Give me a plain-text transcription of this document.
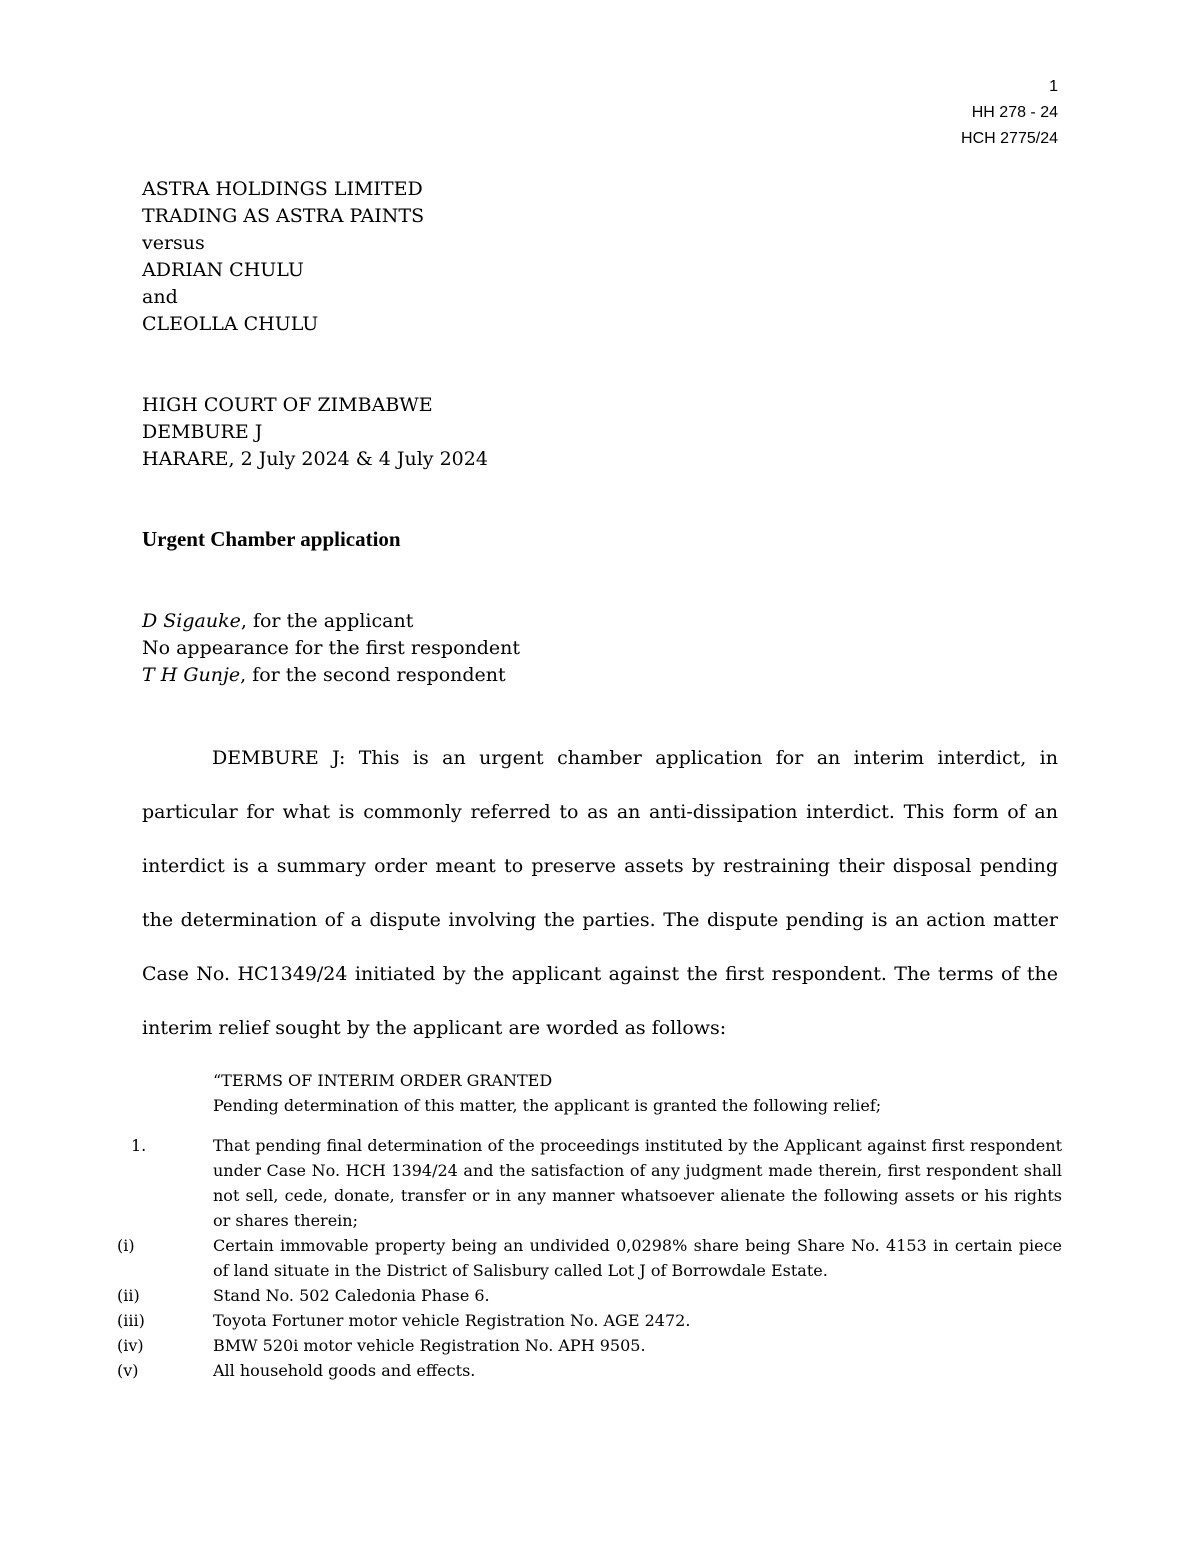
1
HH 278 - 24
HCH 2775/24
ASTRA HOLDINGS LIMITED
TRADING AS ASTRA PAINTS
versus
ADRIAN CHULU
and
CLEOLLA CHULU
HIGH COURT OF ZIMBABWE
DEMBURE J
HARARE, 2 July 2024 & 4 July 2024
Urgent Chamber application
D Sigauke, for the applicant
No appearance for the first respondent
T H Gunje, for the second respondent

DEMBURE J: This is an urgent chamber application for an interim interdict, in particular for what is commonly referred to as an anti-dissipation interdict. This form of an interdict is a summary order meant to preserve assets by restraining their disposal pending the determination of a dispute involving the parties. The dispute pending is an action matter Case No. HC1349/24 initiated by the applicant against the first respondent. The terms of the interim relief sought by the applicant are worded as follows:

“TERMS OF INTERIM ORDER GRANTED
Pending determination of this matter, the applicant is granted the following relief;
1.	That pending final determination of the proceedings instituted by the Applicant against first respondent under Case No. HCH 1394/24 and the satisfaction of any judgment made therein, first respondent shall not sell, cede, donate, transfer or in any manner whatsoever alienate the following assets or his rights or shares therein;
(i)	Certain immovable property being an undivided 0,0298% share being Share No. 4153 in certain piece of land situate in the District of Salisbury called Lot J of Borrowdale Estate.
(ii)	Stand No. 502 Caledonia Phase 6.
(iii)	Toyota Fortuner motor vehicle Registration No. AGE 2472.
(iv)	BMW 520i motor vehicle Registration No. APH 9505.
(v)	All household goods and effects.
